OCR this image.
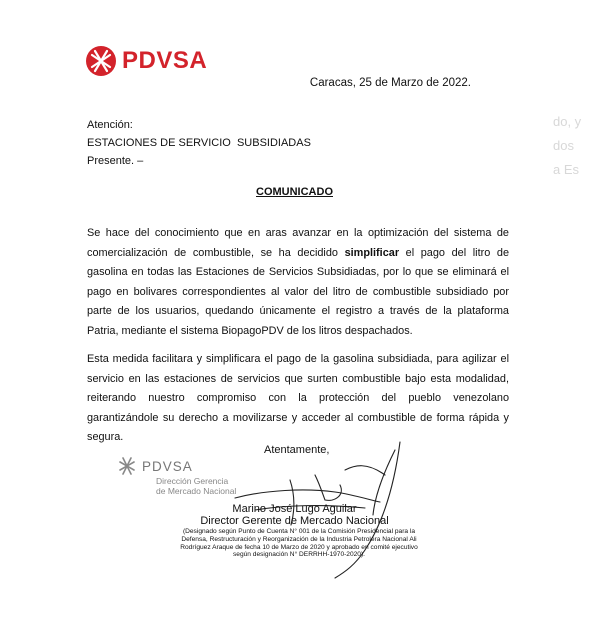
PDVSA
Caracas, 25 de Marzo de 2022.
Atención:
ESTACIONES DE SERVICIO  SUBSIDIADAS
Presente. –
COMUNICADO
Se hace del conocimiento que en aras avanzar en la optimización del sistema de comercialización de combustible, se ha decidido simplificar el pago del litro de gasolina en todas las Estaciones de Servicios Subsidiadas, por lo que se eliminará el pago en bolivares correspondientes al valor del litro de combustible subsidiado por parte de los usuarios, quedando únicamente el registro a través de la plataforma Patria, mediante el sistema BiopagoPDV de los litros despachados.
Esta medida facilitara y simplificara el pago de la gasolina subsidiada, para agilizar el servicio en las estaciones de servicios que surten combustible bajo esta modalidad, reiterando nuestro compromiso con la protección del pueblo venezolano garantizándole su derecho a movilizarse y acceder al combustible de forma rápida y segura.
Atentamente,
PDVSA
Dirección Gerencia
de Mercado Nacional
Marino José Lugo Aguilar
Director Gerente de Mercado Nacional
(Designado según Punto de Cuenta N° 001 de la Comisión Presidencial para la
Defensa, Restructuración y Reorganización de la Industria Petrolera Nacional Ali
Rodríguez Araque de fecha 10 de Marzo de 2020 y aprobado en comité ejecutivo
según designación N° DERRHH-1970-2020).
do, y
dos
a Es
